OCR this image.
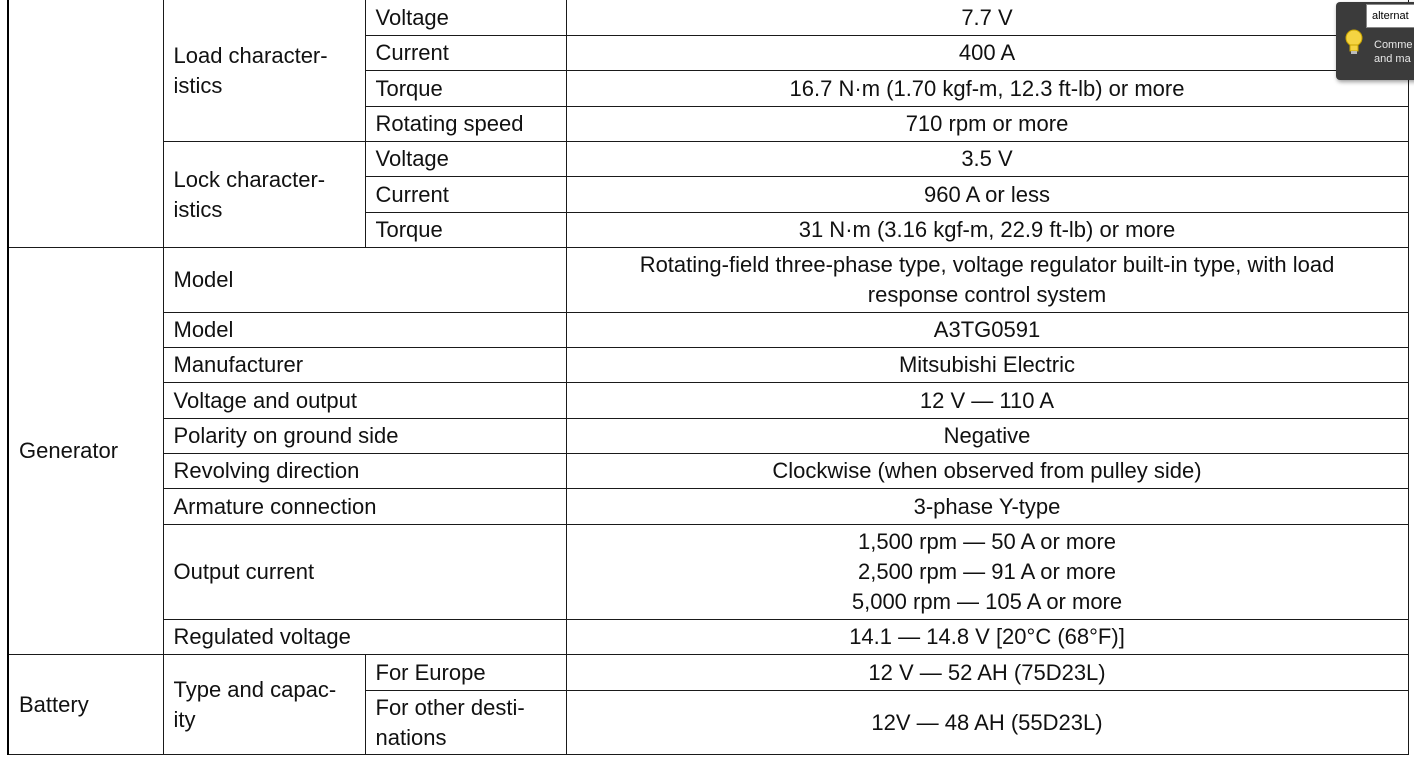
	Load character-
istics	Voltage	7.7 V
		Current	400 A
		Torque	16.7 N·m (1.70 kgf-m, 12.3 ft-lb) or more
		Rotating speed	710 rpm or more
	Lock character-
istics	Voltage	3.5 V
		Current	960 A or less
		Torque	31 N·m (3.16 kgf-m, 22.9 ft-lb) or more
Generator	Model		Rotating-field three-phase type, voltage regulator built-in type, with load
response control system
	Model		A3TG0591
	Manufacturer		Mitsubishi Electric
	Voltage and output		12 V — 110 A
	Polarity on ground side		Negative
	Revolving direction		Clockwise (when observed from pulley side)
	Armature connection		3-phase Y-type
	Output current		1,500 rpm — 50 A or more
2,500 rpm — 91 A or more
5,000 rpm — 105 A or more
	Regulated voltage		14.1 — 14.8 V [20°C (68°F)]
Battery	Type and capac-
ity	For Europe	12 V — 52 AH (75D23L)
		For other desti-
nations	12V — 48 AH (55D23L)
alternat
Comme
and ma
